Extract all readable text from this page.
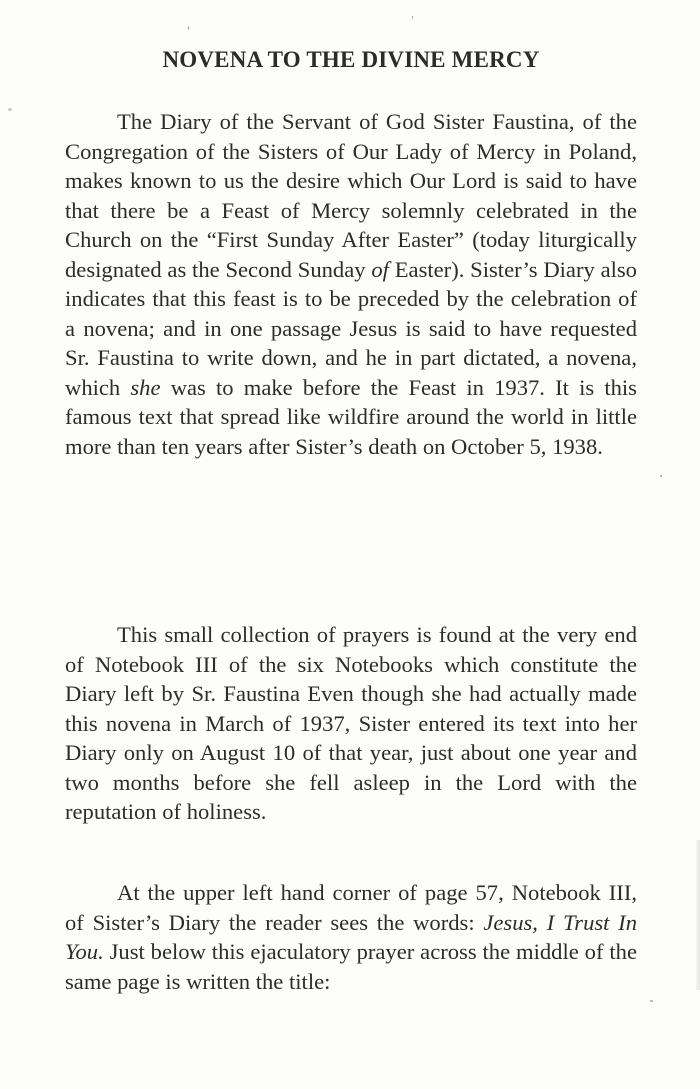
NOVENA TO THE DIVINE MERCY

The Diary of the Servant of God Sister Faustina, of the Congregation of the Sisters of Our Lady of Mercy in Poland, makes known to us the desire which Our Lord is said to have that there be a Feast of Mercy solemnly celebrated in the Church on the “First Sunday After Easter” (today liturgically designated as the Second Sunday of Easter). Sister’s Diary also indicates that this feast is to be preceded by the celebration of a novena; and in one passage Jesus is said to have requested Sr. Faustina to write down, and he in part dictated, a novena, which she was to make before the Feast in 1937. It is this famous text that spread like wildfire around the world in little more than ten years after Sister’s death on October 5, 1938.

This small collection of prayers is found at the very end of Notebook III of the six Notebooks which constitute the Diary left by Sr. Faustina Even though she had actually made this novena in March of 1937, Sister entered its text into her Diary only on August 10 of that year, just about one year and two months before she fell asleep in the Lord with the reputation of holiness.

At the upper left hand corner of page 57, Notebook III, of Sister’s Diary the reader sees the words: Jesus, I Trust In You. Just below this ejaculatory prayer across the middle of the same page is written the title:
